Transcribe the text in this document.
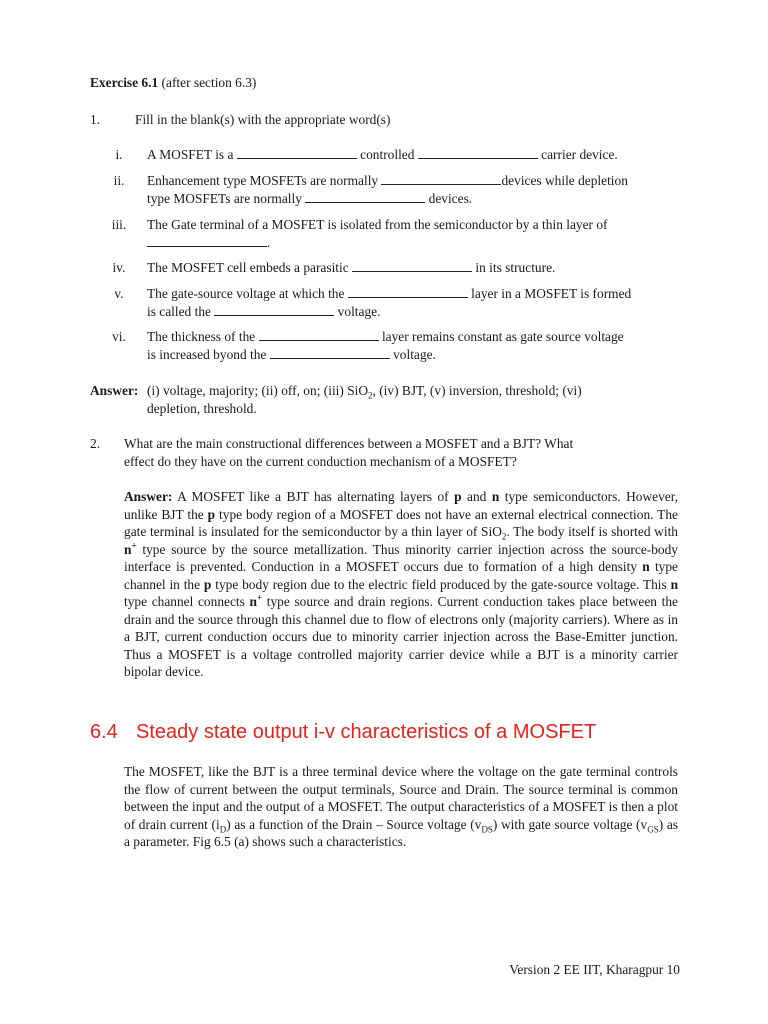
Exercise 6.1 (after section 6.3)
1.	Fill in the blank(s) with the appropriate word(s)
i.	A MOSFET is a	controlled	carrier device.
ii.	Enhancement type MOSFETs are normally	devices while depletion
type MOSFETs are normally	devices.
iii.	The Gate terminal of a MOSFET is isolated from the semiconductor by a thin layer of
.
iv.	The MOSFET cell embeds a parasitic	in its structure.
v.	The gate-source voltage at which the	layer in a MOSFET is formed
is called the	voltage.
vi.	The thickness of the	layer remains constant as gate source voltage
is increased byond the	voltage.
Answer: (i) voltage, majority; (ii) off, on; (iii) SiO$_2$, (iv) BJT, (v) inversion, threshold; (vi)
depletion, threshold.
2. What are the main constructional differences between a MOSFET and a BJT? What
effect do they have on the current conduction mechanism of a MOSFET?
Answer: A MOSFET like a BJT has alternating layers of p and n type semiconductors. However, unlike BJT the p type body region of a MOSFET does not have an external electrical connection. The gate terminal is insulated for the semiconductor by a thin layer of SiO$_2$. The body itself is shorted with n+ type source by the source metallization. Thus minority carrier injection across the source-body interface is prevented. Conduction in a MOSFET occurs due to formation of a high density n type channel in the p type body region due to the electric field produced by the gate-source voltage. This n type channel connects n+ type source and drain regions. Current conduction takes place between the drain and the source through this channel due to flow of electrons only (majority carriers). Where as in a BJT, current conduction occurs due to minority carrier injection across the Base-Emitter junction. Thus a MOSFET is a voltage controlled majority carrier device while a BJT is a minority carrier bipolar device.
6.4 Steady state output i-v characteristics of a MOSFET
The MOSFET, like the BJT is a three terminal device where the voltage on the gate terminal controls the flow of current between the output terminals, Source and Drain. The source terminal is common between the input and the output of a MOSFET. The output characteristics of a MOSFET is then a plot of drain current $(i_D)$ as a function of the Drain – Source voltage $(v_{DS})$ with gate source voltage $(v_{GS})$ as a parameter. Fig 6.5 (a) shows such a characteristics.
Version 2 EE IIT, Kharagpur 10
